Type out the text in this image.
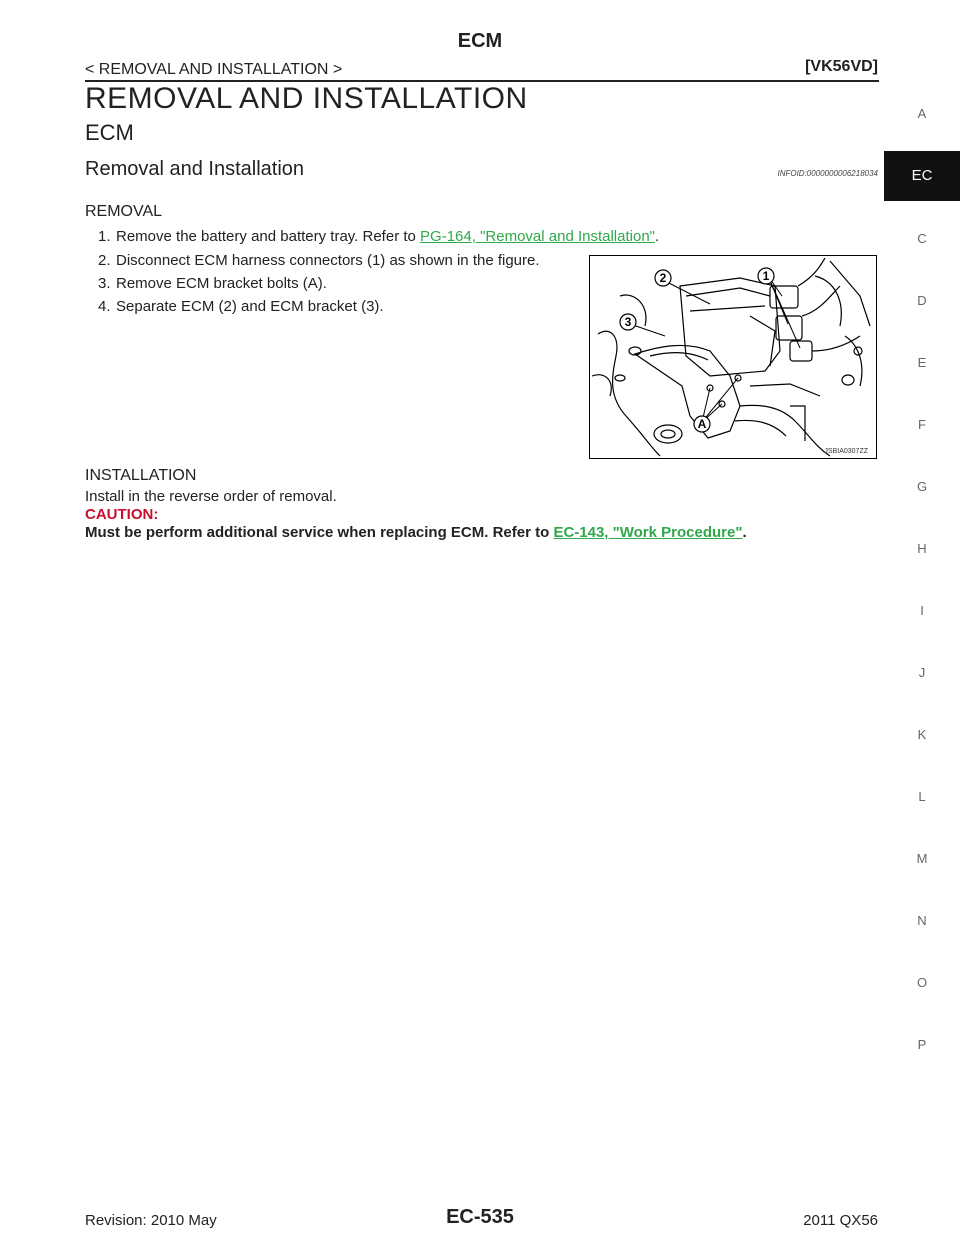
ECM
< REMOVAL AND INSTALLATION >	[VK56VD]
REMOVAL AND INSTALLATION
ECM
Removal and Installation	INFOID:0000000006218034
REMOVAL
1. Remove the battery and battery tray. Refer to PG-164, "Removal and Installation".
2. Disconnect ECM harness connectors (1) as shown in the figure.
3. Remove ECM bracket bolts (A).
4. Separate ECM (2) and ECM bracket (3).
2	1
3
A
JSBIA0307ZZ
INSTALLATION
Install in the reverse order of removal.
CAUTION:
Must be perform additional service when replacing ECM. Refer to EC-143, "Work Procedure".
A
EC
C
D
E
F
G
H
I
J
K
L
M
N
O
P
Revision: 2010 May	EC-535	2011 QX56
